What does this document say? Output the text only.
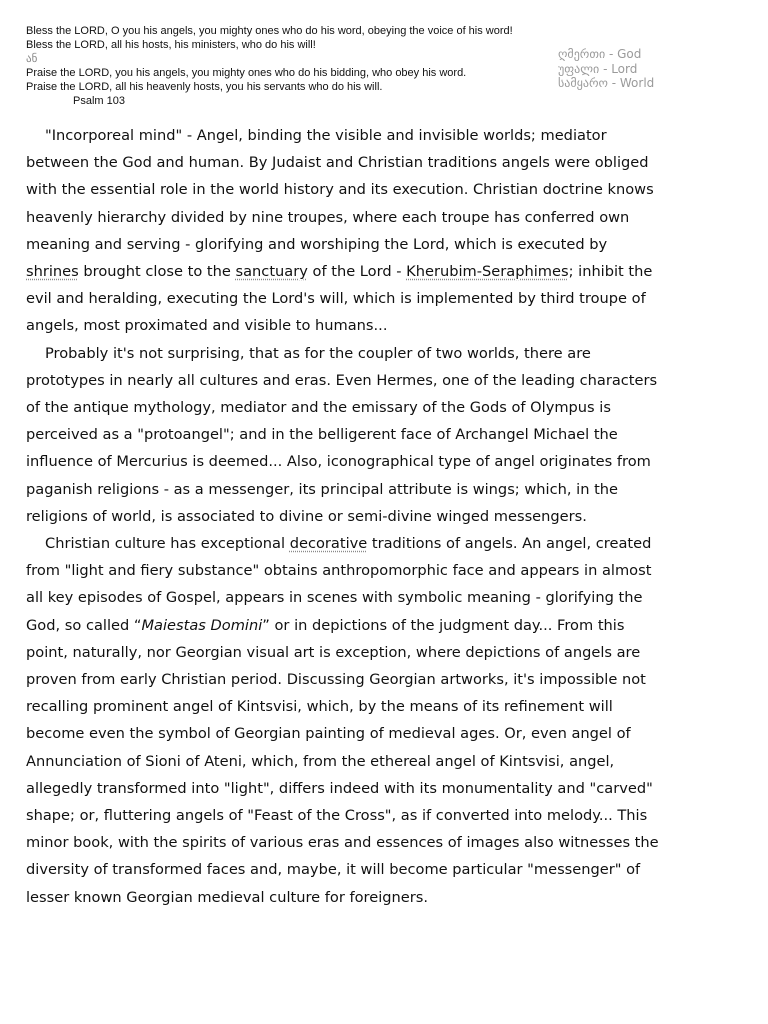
Bless the LORD, O you his angels, you mighty ones who do his word, obeying the voice of his word!
Bless the LORD, all his hosts, his ministers, who do his will!
ან
Praise the LORD, you his angels, you mighty ones who do his bidding, who obey his word.
Praise the LORD, all his heavenly hosts, you his servants who do his will.
Psalm 103
ღმერთი - God
უფალი - Lord
სამყარო - World

"Incorporeal mind" - Angel, binding the visible and invisible worlds; mediator between the God and human. By Judaist and Christian traditions angels were obliged with the essential role in the world history and its execution. Christian doctrine knows heavenly hierarchy divided by nine troupes, where each troupe has conferred own meaning and serving - glorifying and worshiping the Lord, which is executed by shrines brought close to the sanctuary of the Lord - Kherubim-Seraphimes; inhibit the evil and heralding, executing the Lord's will, which is implemented by third troupe of angels, most proximated and visible to humans...

Probably it's not surprising, that as for the coupler of two worlds, there are prototypes in nearly all cultures and eras. Even Hermes, one of the leading characters of the antique mythology, mediator and the emissary of the Gods of Olympus is perceived as a "protoangel"; and in the belligerent face of Archangel Michael the influence of Mercurius is deemed... Also, iconographical type of angel originates from paganish religions - as a messenger, its principal attribute is wings; which, in the religions of world, is associated to divine or semi-divine winged messengers.

Christian culture has exceptional decorative traditions of angels. An angel, created from "light and fiery substance" obtains anthropomorphic face and appears in almost all key episodes of Gospel, appears in scenes with symbolic meaning - glorifying the God, so called “Maiestas Domini” or in depictions of the judgment day... From this point, naturally, nor Georgian visual art is exception, where depictions of angels are proven from early Christian period. Discussing Georgian artworks, it's impossible not recalling prominent angel of Kintsvisi, which, by the means of its refinement will become even the symbol of Georgian painting of medieval ages. Or, even angel of Annunciation of Sioni of Ateni, which, from the ethereal angel of Kintsvisi, angel, allegedly transformed into "light", differs indeed with its monumentality and "carved" shape; or, fluttering angels of "Feast of the Cross", as if converted into melody... This minor book, with the spirits of various eras and essences of images also witnesses the diversity of transformed faces and, maybe, it will become particular "messenger" of lesser known Georgian medieval culture for foreigners.
